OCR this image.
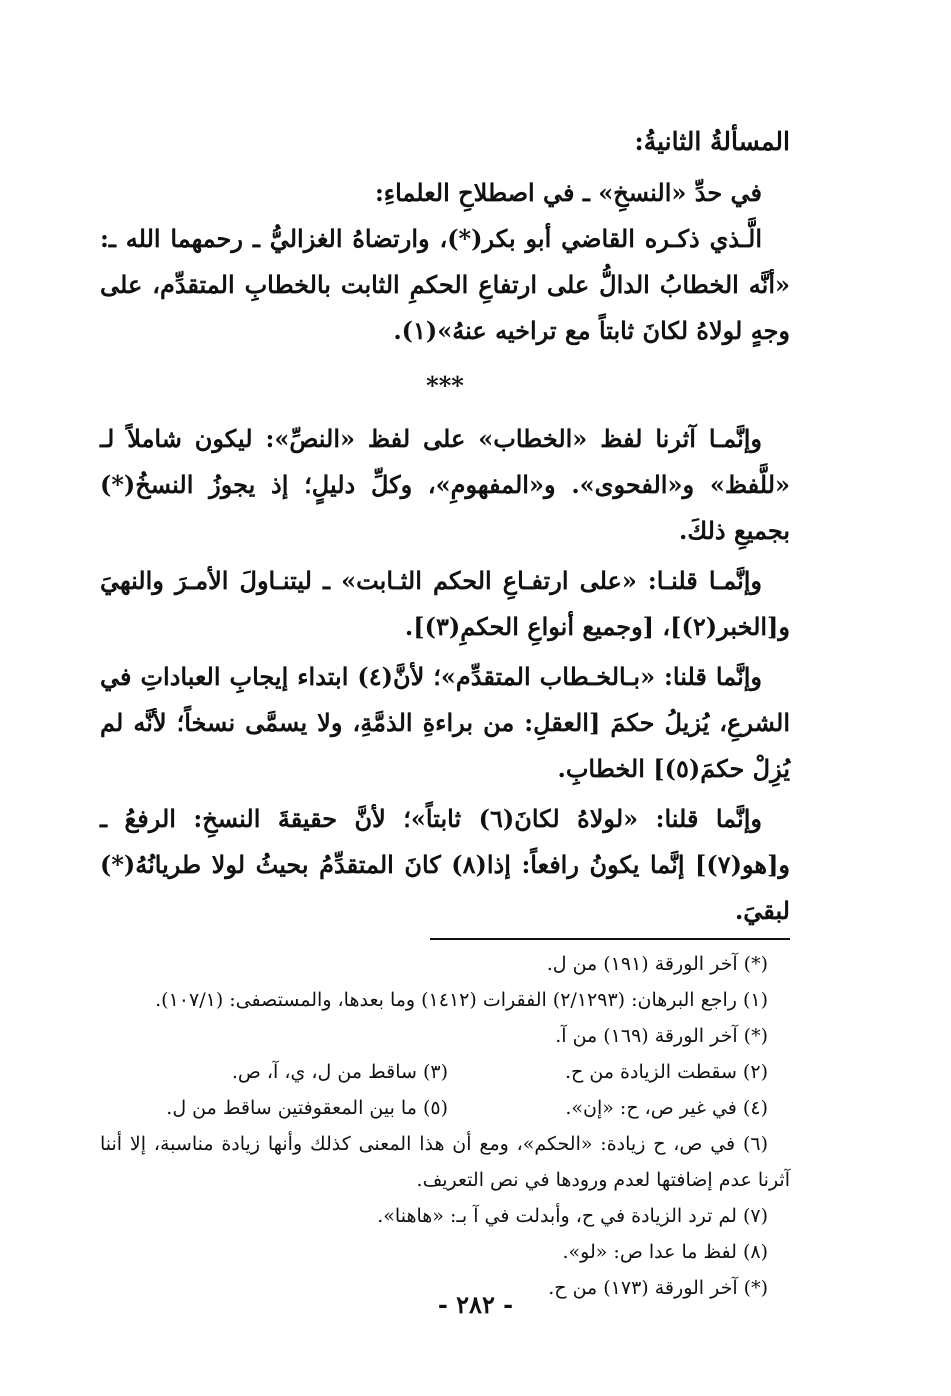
المسألةُ الثانيةُ:

في حدِّ «النسخِ» ـ في اصطلاحِ العلماءِ:

الَّـذي ذكـره القاضي أبو بكر(*)، وارتضاهُ الغزاليُّ ـ رحمهما الله ـ: «أنَّه الخطابُ الدالُّ على ارتفاعِ الحكمِ الثابت بالخطابِ المتقدِّم، على وجهٍ لولاهُ لكانَ ثابتاً مع تراخيه عنهُ»(١).

***

وإنَّمـا آثرنا لفظ «الخطاب» على لفظ «النصِّ»: ليكون شاملاً لـ «للَّفظ» و«الفحوى». و«المفهومِ»، وكلِّ دليلٍ؛ إذ يجوزُ النسخُ(*) بجميعِ ذلكَ.

وإنَّمـا قلنـا: «على ارتفـاعِ الحكم الثـابت» ـ ليتنـاولَ الأمـرَ والنهيَ و[الخبر(٢)]، [وجميع أنواعِ الحكمِ(٣)].

وإنَّما قلنا: «بـالخـطاب المتقدِّم»؛ لأنَّ(٤) ابتداء إيجابِ العباداتِ في الشرعِ، يُزيلُ حكمَ [العقلِ: من براءةِ الذمَّةِ، ولا يسمَّى نسخاً؛ لأنَّه لم يُزِلْ حكمَ(٥)] الخطابِ.

وإنَّما قلنا: «لولاهُ لكانَ(٦) ثابتاً»؛ لأنَّ حقيقةَ النسخِ: الرفعُ ـ و[هو(٧)] إنَّما يكونُ رافعاً: إذا(٨) كانَ المتقدِّمُ بحيثُ لولا طريانُهُ(*) لبقيَ.

(*) آخر الورقة (١٩١) من ل.

(١) راجع البرهان: (٢/١٢٩٣) الفقرات (١٤١٢) وما بعدها، والمستصفى: (١٠٧/١).

(*) آخر الورقة (١٦٩) من آ.

(٢) سقطت الزيادة من ح.
(٣) ساقط من ل، ي، آ، ص.
(٤) في غير ص، ح: «إن».
(٥) ما بين المعقوفتين ساقط من ل.

(٦) في ص، ح زيادة: «الحكم»، ومع أن هذا المعنى كذلك وأنها زيادة مناسبة، إلا أننا آثرنا عدم إضافتها لعدم ورودها في نص التعريف.

(٧) لم ترد الزيادة في ح، وأبدلت في آ بـ: «هاهنا».

(٨) لفظ ما عدا ص: «لو».

(*) آخر الورقة (١٧٣) من ح.

- ٢٨٢ -
